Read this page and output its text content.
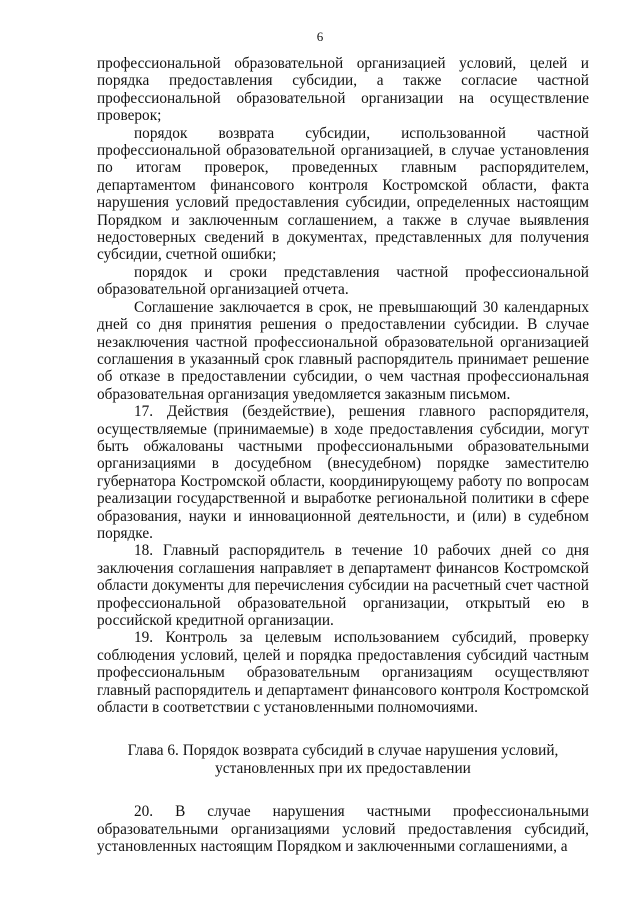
6

профессиональной образовательной организацией условий, целей и порядка предоставления субсидии, а также согласие частной профессиональной образовательной организации на осуществление проверок;

порядок возврата субсидии, использованной частной профессиональной образовательной организацией, в случае установления по итогам проверок, проведенных главным распорядителем, департаментом финансового контроля Костромской области, факта нарушения условий предоставления субсидии, определенных настоящим Порядком и заключенным соглашением, а также в случае выявления недостоверных сведений в документах, представленных для получения субсидии, счетной ошибки;

порядок и сроки представления частной профессиональной образовательной организацией отчета.

Соглашение заключается в срок, не превышающий 30 календарных дней со дня принятия решения о предоставлении субсидии. В случае незаключения частной профессиональной образовательной организацией соглашения в указанный срок главный распорядитель принимает решение об отказе в предоставлении субсидии, о чем частная профессиональная образовательная организация уведомляется заказным письмом.

17. Действия (бездействие), решения главного распорядителя, осуществляемые (принимаемые) в ходе предоставления субсидии, могут быть обжалованы частными профессиональными образовательными организациями в досудебном (внесудебном) порядке заместителю губернатора Костромской области, координирующему работу по вопросам реализации государственной и выработке региональной политики в сфере образования, науки и инновационной деятельности, и (или) в судебном порядке.

18. Главный распорядитель в течение 10 рабочих дней со дня заключения соглашения направляет в департамент финансов Костромской области документы для перечисления субсидии на расчетный счет частной профессиональной образовательной организации, открытый ею в российской кредитной организации.

19. Контроль за целевым использованием субсидий, проверку соблюдения условий, целей и порядка предоставления субсидий частным профессиональным образовательным организациям осуществляют главный распорядитель и департамент финансового контроля Костромской области в соответствии с установленными полномочиями.

Глава 6. Порядок возврата субсидий в случае нарушения условий,
установленных при их предоставлении

20. В случае нарушения частными профессиональными образовательными организациями условий предоставления субсидий, установленных настоящим Порядком и заключенными соглашениями, а
